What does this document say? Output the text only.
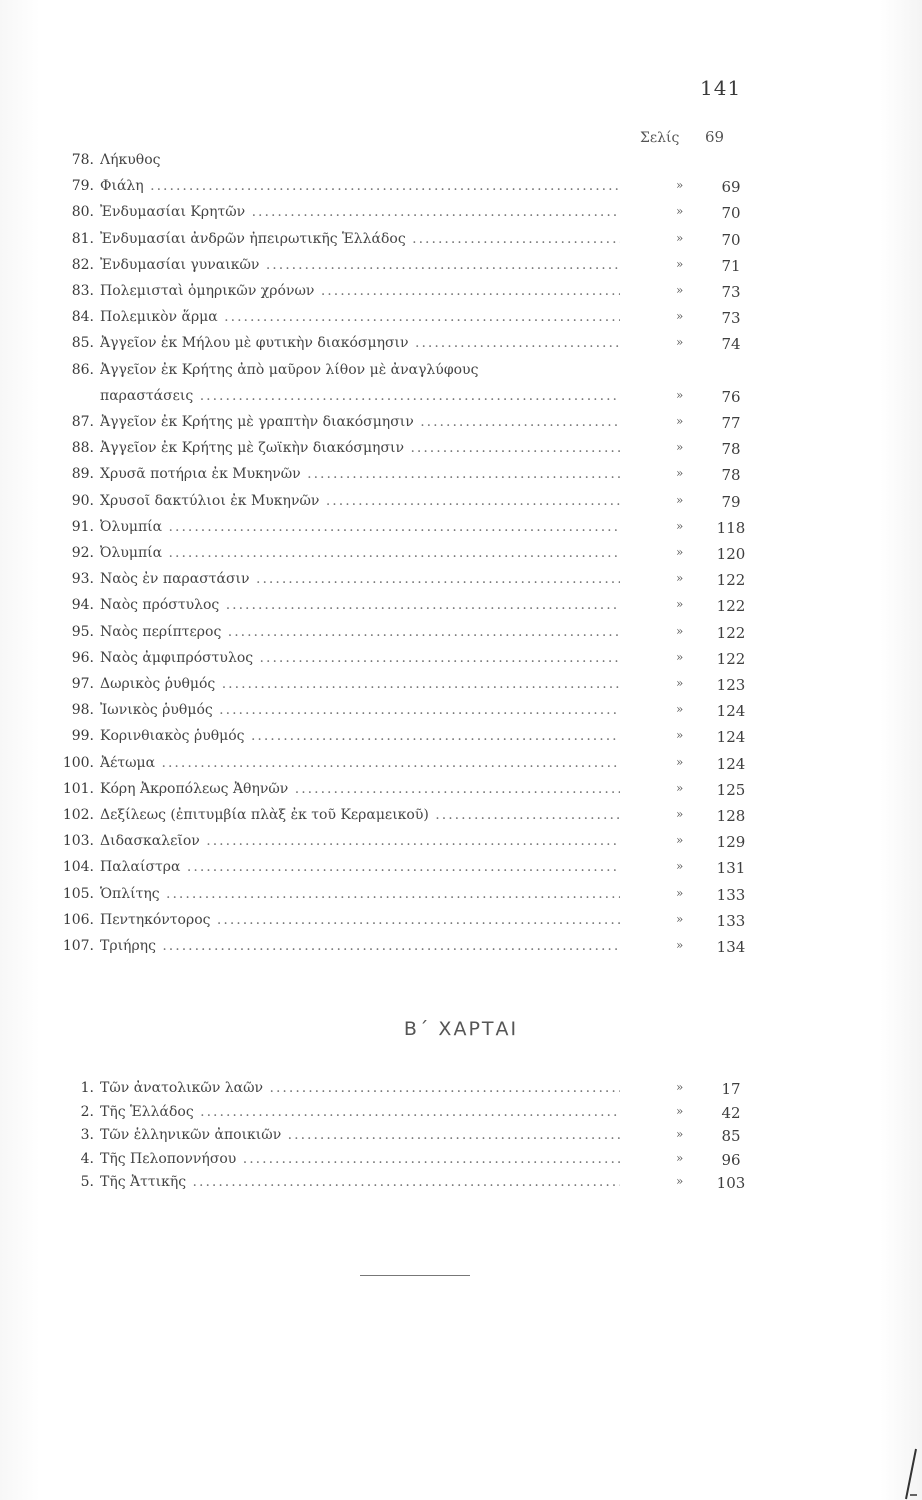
141
Σελίς 69
78. Λήκυθος
79. Φιάλη .....	»	69
80. Ἐνδυμασίαι Κρητῶν .....	»	70
81. Ἐνδυμασίαι ἀνδρῶν ἠπειρωτικῆς Ἑλλάδος .....	»	70
82. Ἐνδυμασίαι γυναικῶν .....	»	71
83. Πολεμισταὶ ὁμηρικῶν χρόνων .....	»	73
84. Πολεμικὸν ἅρμα .....	»	73
85. Ἀγγεῖον ἐκ Μήλου μὲ φυτικὴν διακόσμησιν .....	»	74
86. Ἀγγεῖον ἐκ Κρήτης ἀπὸ μαῦρον λίθον μὲ ἀναγλύφους
παραστάσεις .....	»	76
87. Ἀγγεῖον ἐκ Κρήτης μὲ γραπτὴν διακόσμησιν .....	»	77
88. Ἀγγεῖον ἐκ Κρήτης μὲ ζωϊκὴν διακόσμησιν .....	»	78
89. Χρυσᾶ ποτήρια ἐκ Μυκηνῶν .....	»	78
90. Χρυσοῖ δακτύλιοι ἐκ Μυκηνῶν .....	»	79
91. Ὀλυμπία .....	»	118
92. Ὀλυμπία .....	»	120
93. Ναὸς ἐν παραστάσιν .....	»	122
94. Ναὸς πρόστυλος .....	»	122
95. Ναὸς περίπτερος .....	»	122
96. Ναὸς ἀμφιπρόστυλος .....	»	122
97. Δωρικὸς ῥυθμός .....	»	123
98. Ἰωνικὸς ῥυθμός .....	»	124
99. Κορινθιακὸς ῥυθμός .....	»	124
100. Ἀέτωμα .....	»	124
101. Κόρη Ἀκροπόλεως Ἀθηνῶν .....	»	125
102. Δεξίλεως (ἐπιτυμβία πλὰξ ἐκ τοῦ Κεραμεικοῦ) .....	»	128
103. Διδασκαλεῖον .....	»	129
104. Παλαίστρα .....	»	131
105. Ὁπλίτης .....	»	133
106. Πεντηκόντορος .....	»	133
107. Τριήρης .....	»	134
Β΄ ΧΑΡΤΑΙ
1. Τῶν ἀνατολικῶν λαῶν .....	»	17
2. Τῆς Ἑλλάδος .....	»	42
3. Τῶν ἑλληνικῶν ἀποικιῶν .....	»	85
4. Τῆς Πελοποννήσου .....	»	96
5. Τῆς Ἀττικῆς .....	»	103
